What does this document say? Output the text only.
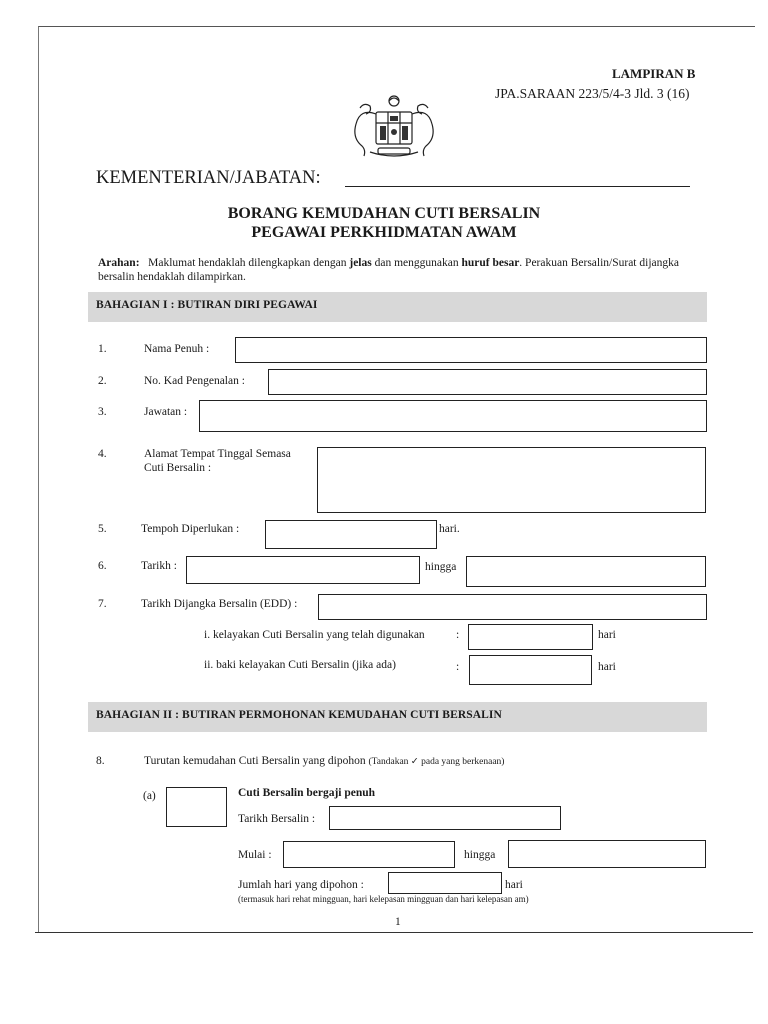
LAMPIRAN B
JPA.SARAAN 223/5/4-3 Jld. 3 (16)
KEMENTERIAN/JABATAN:
BORANG KEMUDAHAN CUTI BERSALIN
PEGAWAI PERKHIDMATAN AWAM
Arahan: Maklumat hendaklah dilengkapkan dengan jelas dan menggunakan huruf besar. Perakuan Bersalin/Surat dijangka bersalin hendaklah dilampirkan.
BAHAGIAN I : BUTIRAN DIRI PEGAWAI
1.	Nama Penuh :
2.	No. Kad Pengenalan :
3.	Jawatan :
4.	Alamat Tempat Tinggal Semasa
Cuti Bersalin :
5.	Tempoh Diperlukan :	hari.
6.	Tarikh :	hingga
7.	Tarikh Dijangka Bersalin (EDD) :
i. kelayakan Cuti Bersalin yang telah digunakan	:	hari
ii. baki kelayakan Cuti Bersalin (jika ada)	:	hari
BAHAGIAN II : BUTIRAN PERMOHONAN KEMUDAHAN CUTI BERSALIN
8.	Turutan kemudahan Cuti Bersalin yang dipohon (Tandakan ✓ pada yang berkenaan)
(a)	Cuti Bersalin bergaji penuh
Tarikh Bersalin :
Mulai :	hingga
Jumlah hari yang dipohon :	hari
(termasuk hari rehat mingguan, hari kelepasan mingguan dan hari kelepasan am)
1
